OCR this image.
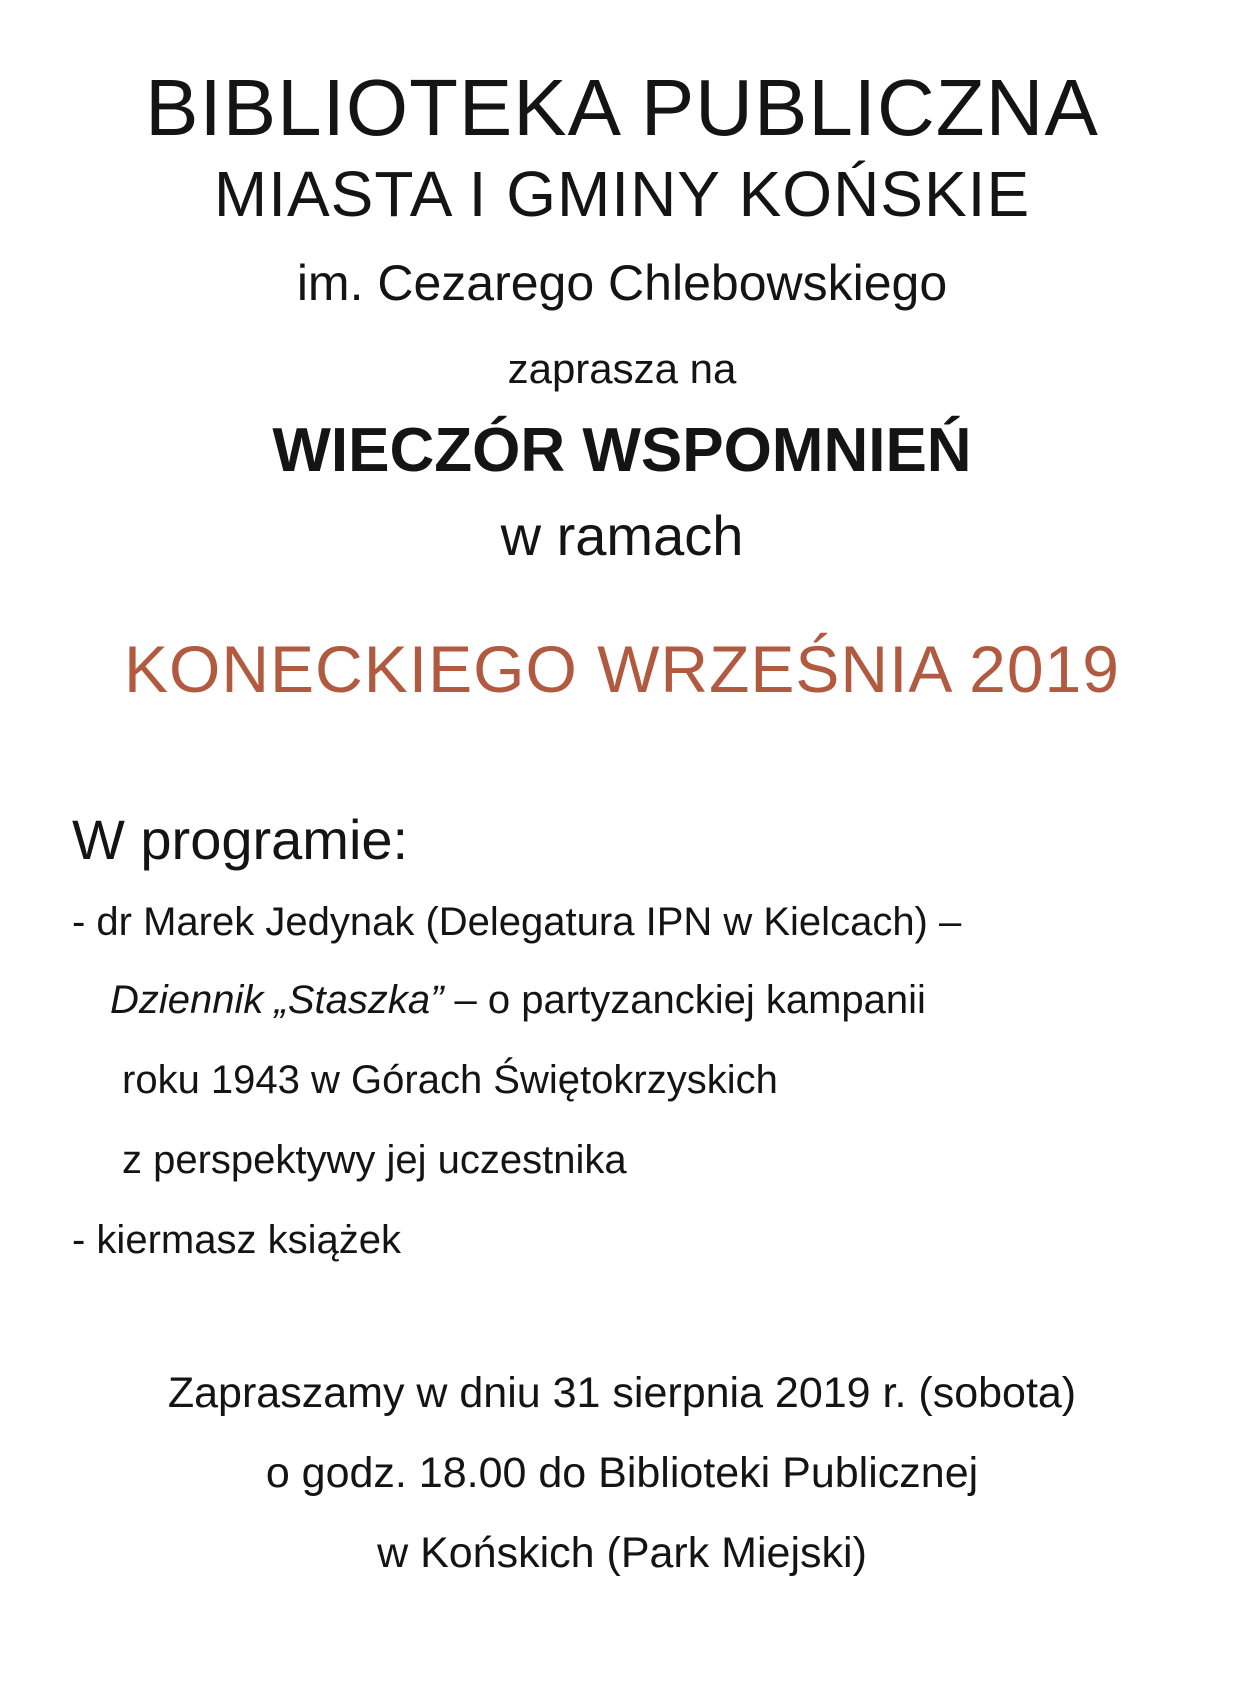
BIBLIOTEKA PUBLICZNA
MIASTA I GMINY KOŃSKIE
im. Cezarego Chlebowskiego
zaprasza na
WIECZÓR WSPOMNIEŃ
w ramach
KONECKIEGO WRZEŚNIA 2019
W programie:
- dr Marek Jedynak (Delegatura IPN w Kielcach) –
Dziennik „Staszka” – o partyzanckiej kampanii
roku 1943 w Górach Świętokrzyskich
z perspektywy jej uczestnika
- kiermasz książek
Zapraszamy w dniu 31 sierpnia 2019 r. (sobota)
o godz. 18.00 do Biblioteki Publicznej
w Końskich (Park Miejski)
